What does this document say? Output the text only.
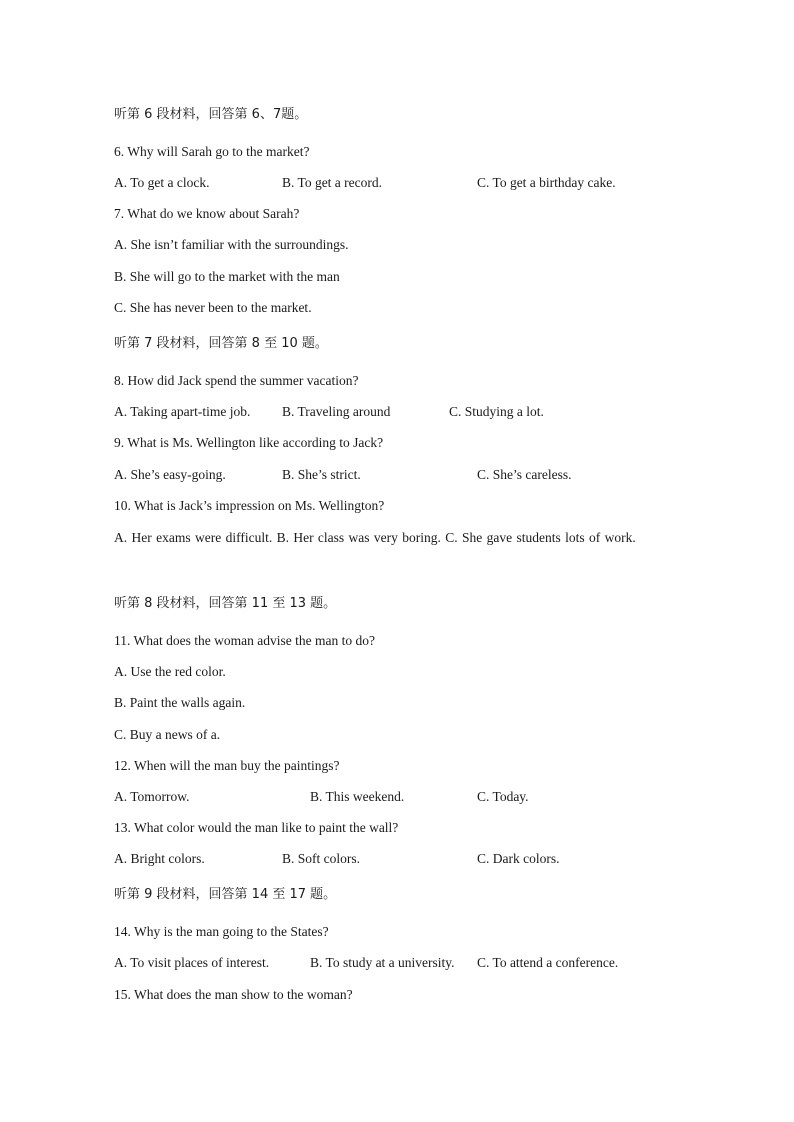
听第 6 段材料，回答第 6、7题。
6. Why will Sarah go to the market?
A. To get a clock.	B. To get a record.	C. To get a birthday cake.
7. What do we know about Sarah?
A. She isn’t familiar with the surroundings.
B. She will go to the market with the man
C. She has never been to the market.
听第 7 段材料，回答第 8 至 10 题。
8. How did Jack spend the summer vacation?
A. Taking apart-time job. B. Traveling around	C. Studying a lot.
9. What is Ms. Wellington like according to Jack?
A. She’s easy-going.	B. She’s strict.	C. She’s careless.
10. What is Jack’s impression on Ms. Wellington?
A. Her exams were difficult. B. Her class was very boring. C. She gave students lots of work.
听第 8 段材料，回答第 11 至 13 题。
11. What does the woman advise the man to do?
A. Use the red color.
B. Paint the walls again.
C. Buy a news of a.
12. When will the man buy the paintings?
A. Tomorrow.	B. This weekend.	C. Today.
13. What color would the man like to paint the wall?
A. Bright colors.	B. Soft colors.	C. Dark colors.
听第 9 段材料，回答第 14 至 17 题。
14. Why is the man going to the States?
A. To visit places of interest.	B. To study at a university. C. To attend a conference.
15. What does the man show to the woman?
